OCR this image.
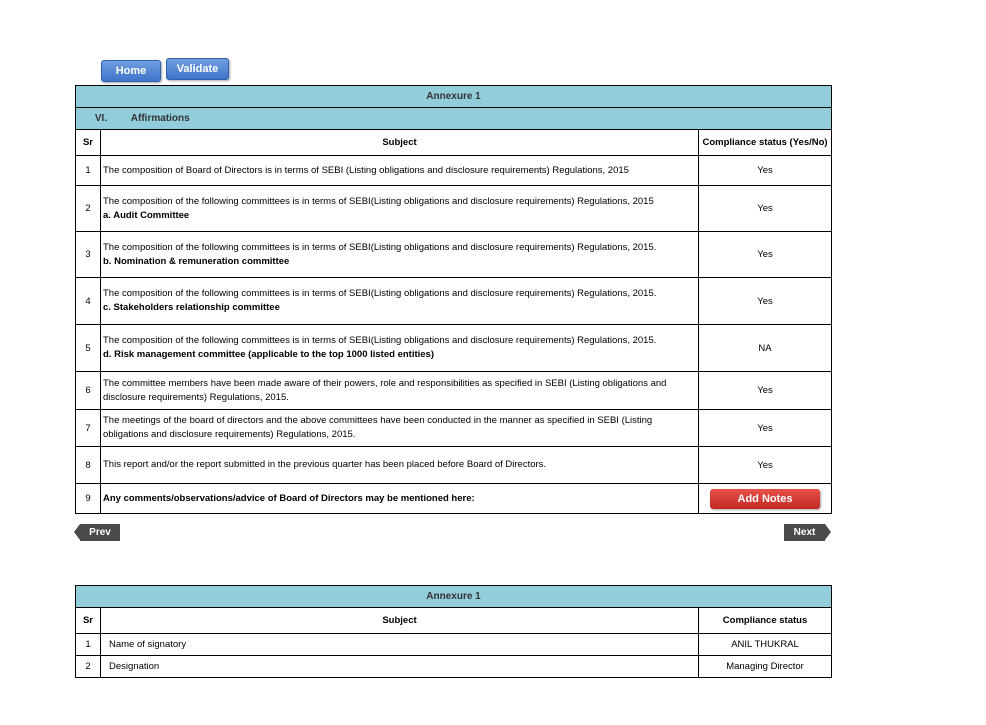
Home	Validate
Annexure 1		
VI. Affirmations		
Sr	Subject	Compliance status (Yes/No)
1	The composition of Board of Directors is in terms of SEBI (Listing obligations and disclosure requirements) Regulations, 2015	Yes
2	The composition of the following committees is in terms of SEBI(Listing obligations and disclosure requirements) Regulations, 2015
a. Audit Committee	Yes
3	The composition of the following committees is in terms of SEBI(Listing obligations and disclosure requirements) Regulations, 2015.
b. Nomination & remuneration committee	Yes
4	The composition of the following committees is in terms of SEBI(Listing obligations and disclosure requirements) Regulations, 2015.
c. Stakeholders relationship committee	Yes
5	The composition of the following committees is in terms of SEBI(Listing obligations and disclosure requirements) Regulations, 2015.
d. Risk management committee (applicable to the top 1000 listed entities)	NA
6	The committee members have been made aware of their powers, role and responsibilities as specified in SEBI (Listing obligations and disclosure requirements) Regulations, 2015.	Yes
7	The meetings of the board of directors and the above committees have been conducted in the manner as specified in SEBI (Listing obligations and disclosure requirements) Regulations, 2015.	Yes
8	This report and/or the report submitted in the previous quarter has been placed before Board of Directors.	Yes
9	Any comments/observations/advice of Board of Directors may be mentioned here:	Add Notes
Prev	Next
Annexure 1		
Sr	Subject	Compliance status
1	Name of signatory	ANIL THUKRAL
2	Designation	Managing Director
